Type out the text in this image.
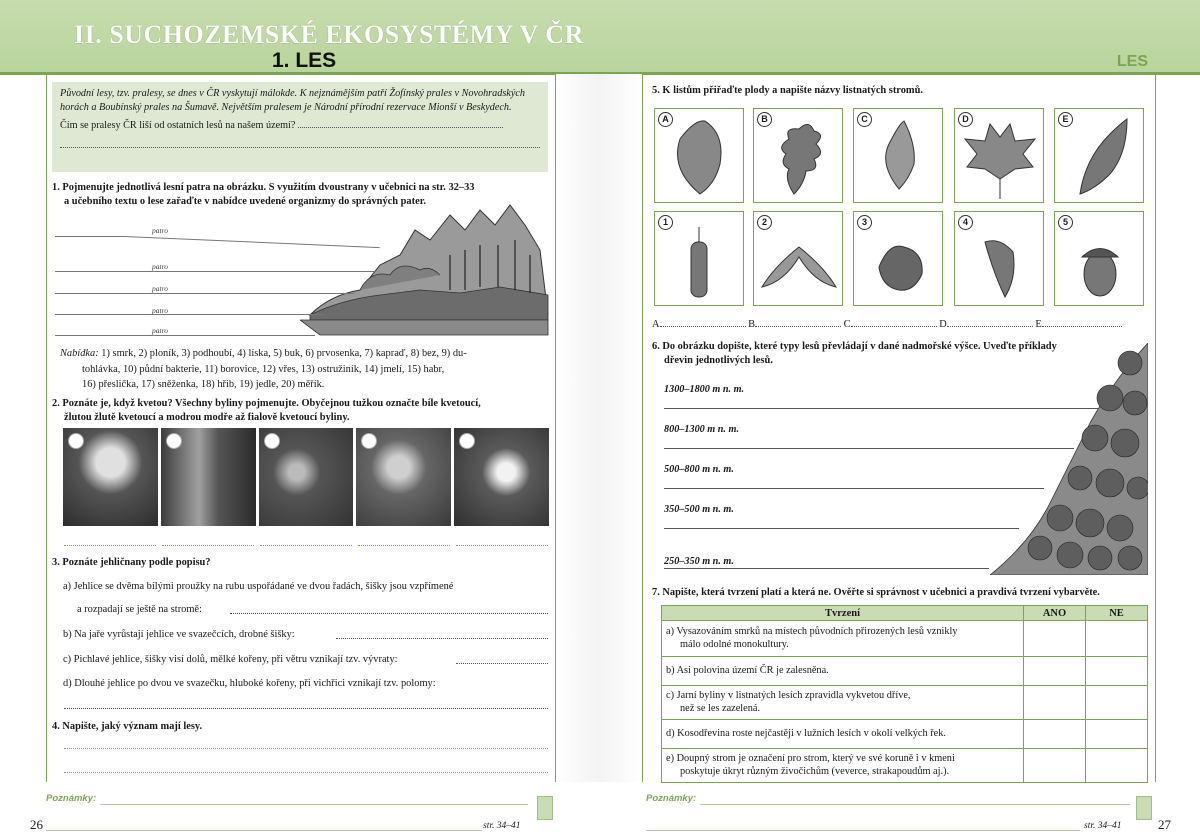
II. SUCHOZEMSKÉ EKOSYSTÉMY V ČR
1. LES	LES
Původní lesy, tzv. pralesy, se dnes v ČR vyskytují málokde. K nejznámějším patří Žofínský prales v Novohradských horách a Boubínský prales na Šumavě. Největším pralesem je Národní přírodní rezervace Mionší v Beskydech.
Čím se pralesy ČR liší od ostatních lesů na našem území?
1. Pojmenujte jednotlivá lesní patra na obrázku. S využitím dvoustrany v učebnici na str. 32–33
a učebního textu o lese zařaďte v nabídce uvedené organizmy do správných pater.
patro
patro
patro
patro
patro
Nabídka: 1) smrk, 2) ploník, 3) podhoubí, 4) líska, 5) buk, 6) prvosenka, 7) kapraď, 8) bez, 9) du-
tohlávka, 10) půdní bakterie, 11) borovice, 12) vřes, 13) ostružiník, 14) jmelí, 15) habr,
16) přeslička, 17) sněženka, 18) hřib, 19) jedle, 20) měřík.
2. Poznáte je, když kvetou? Všechny byliny pojmenujte. Obyčejnou tužkou označte bíle kvetoucí,
žlutou žlutě kvetoucí a modrou modře až fialově kvetoucí byliny.
3. Poznáte jehličnany podle popisu?
a) Jehlice se dvěma bílými proužky na rubu uspořádané ve dvou řadách, šišky jsou vzpřímené
a rozpadají se ještě na stromě:
b) Na jaře vyrůstají jehlice ve svazečcích, drobné šišky:
c) Pichlavé jehlice, šišky visí dolů, mělké kořeny, při větru vznikají tzv. vývraty:
d) Dlouhé jehlice po dvou ve svazečku, hluboké kořeny, při vichřici vznikají tzv. polomy:
4. Napište, jaký význam mají lesy.
Poznámky:
26	str. 34–41
5. K listům přiřaďte plody a napište názvy listnatých stromů.
A	B	C	D	E
1	2	3	4	5
A	B	C	D	E
6. Do obrázku dopište, které typy lesů převládají v dané nadmořské výšce. Uveďte příklady
dřevin jednotlivých lesů.
1300–1800 m n. m.
800–1300 m n. m.
500–800 m n. m.
350–500 m n. m.
250–350 m n. m.
7. Napište, která tvrzení platí a která ne. Ověřte si správnost v učebnici a pravdivá tvrzení vybarvěte.
Tvrzení	ANO	NE

a) Vysazováním smrků na místech původních přirozených lesů vznikly
málo odolné monokultury.		

b) Asi polovina území ČR je zalesněna.		

c) Jarní byliny v listnatých lesích zpravidla vykvetou dříve,
než se les zazelená.		

d) Kosodřevina roste nejčastěji v lužních lesích v okolí velkých řek.		

e) Doupný strom je označení pro strom, který ve své koruně i v kmeni
poskytuje úkryt různým živočichům (veverce, strakapoudům aj.).		

Poznámky:
str. 34–41	27
